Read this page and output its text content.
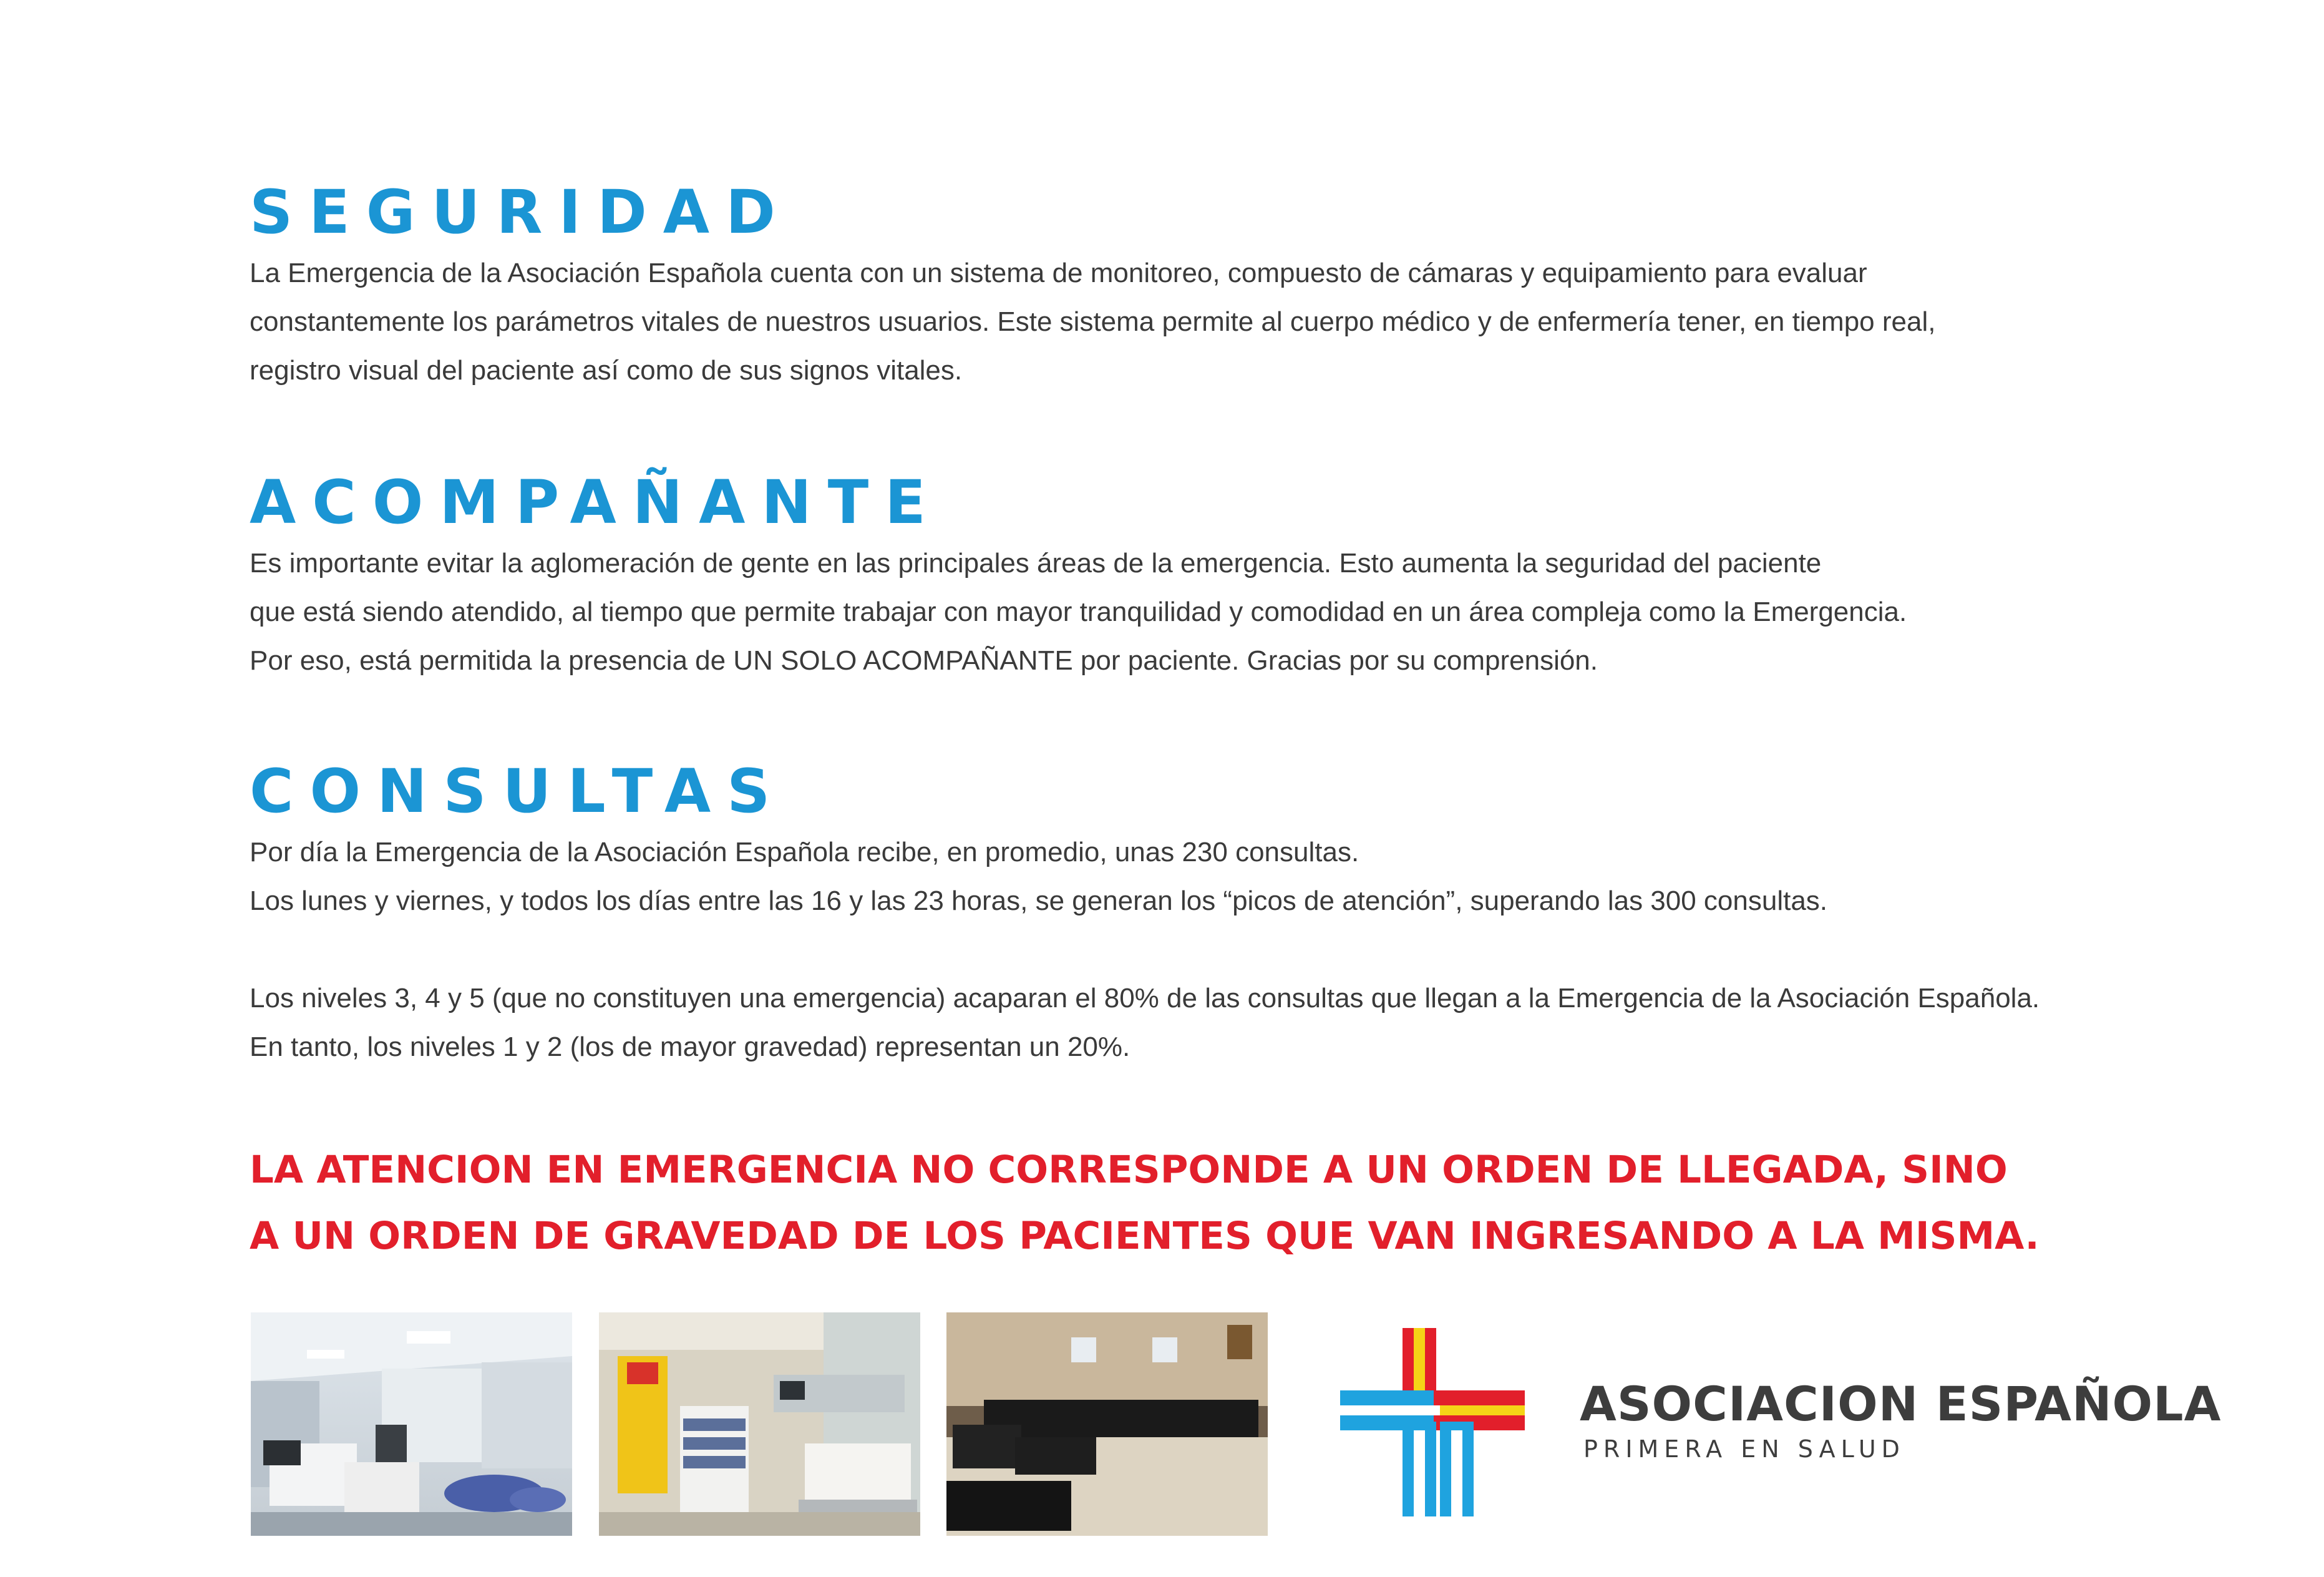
SEGURIDAD

La Emergencia de la Asociación Española cuenta con un sistema de monitoreo, compuesto de cámaras y equipamiento para evaluar

constantemente los parámetros vitales de nuestros usuarios. Este sistema permite al cuerpo médico y de enfermería tener, en tiempo real,

registro visual del paciente así como de sus signos vitales.

ACOMPAÑANTE

Es importante evitar la aglomeración de gente en las principales áreas de la emergencia. Esto aumenta la seguridad del paciente

que está siendo atendido, al tiempo que permite trabajar con mayor tranquilidad y comodidad en un área compleja como la Emergencia.

Por eso, está permitida la presencia de UN SOLO ACOMPAÑANTE por paciente. Gracias por su comprensión.

CONSULTAS

Por día la Emergencia de la Asociación Española recibe, en promedio, unas 230 consultas.

Los lunes y viernes, y todos los días entre las 16 y las 23 horas, se generan los “picos de atención”, superando las 300 consultas.

Los niveles 3, 4 y 5 (que no constituyen una emergencia) acaparan el 80% de las consultas que llegan a la Emergencia de la Asociación Española.

En tanto, los niveles 1 y 2 (los de mayor gravedad) representan un 20%.

LA ATENCION EN EMERGENCIA NO CORRESPONDE A UN ORDEN DE LLEGADA, SINO
A UN ORDEN DE GRAVEDAD DE LOS PACIENTES QUE VAN INGRESANDO A LA MISMA.
ASOCIACION ESPAÑOLA
PRIMERA EN SALUD
